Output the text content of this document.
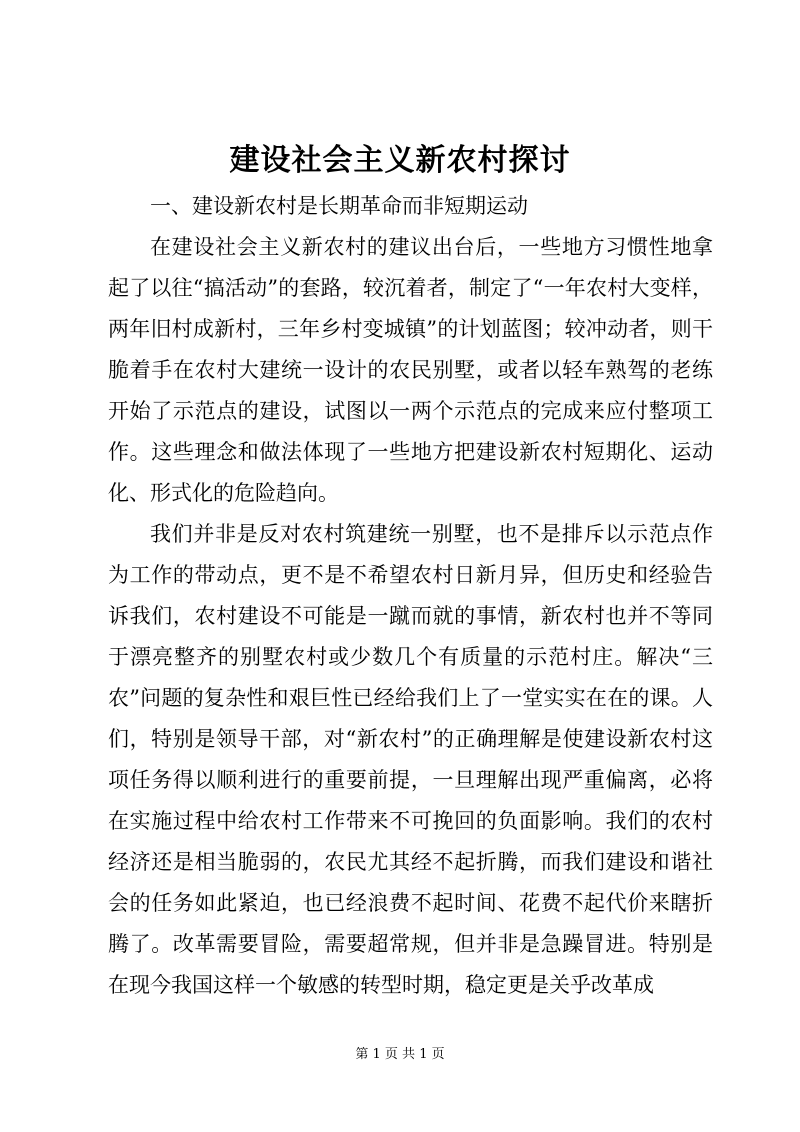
建设社会主义新农村探讨

一、建设新农村是长期革命而非短期运动

在建设社会主义新农村的建议出台后，一些地方习惯性地拿起了以往“搞活动”的套路，较沉着者，制定了“一年农村大变样，两年旧村成新村，三年乡村变城镇”的计划蓝图；较冲动者，则干脆着手在农村大建统一设计的农民别墅，或者以轻车熟驾的老练开始了示范点的建设，试图以一两个示范点的完成来应付整项工作。这些理念和做法体现了一些地方把建设新农村短期化、运动化、形式化的危险趋向。

我们并非是反对农村筑建统一别墅，也不是排斥以示范点作为工作的带动点，更不是不希望农村日新月异，但历史和经验告诉我们，农村建设不可能是一蹴而就的事情，新农村也并不等同于漂亮整齐的别墅农村或少数几个有质量的示范村庄。解决“三农”问题的复杂性和艰巨性已经给我们上了一堂实实在在的课。人们，特别是领导干部，对“新农村”的正确理解是使建设新农村这项任务得以顺利进行的重要前提，一旦理解出现严重偏离，必将在实施过程中给农村工作带来不可挽回的负面影响。我们的农村经济还是相当脆弱的，农民尤其经不起折腾，而我们建设和谐社会的任务如此紧迫，也已经浪费不起时间、花费不起代价来瞎折腾了。改革需要冒险，需要超常规，但并非是急躁冒进。特别是在现今我国这样一个敏感的转型时期，稳定更是关乎改革成

第 1 页 共 1 页
